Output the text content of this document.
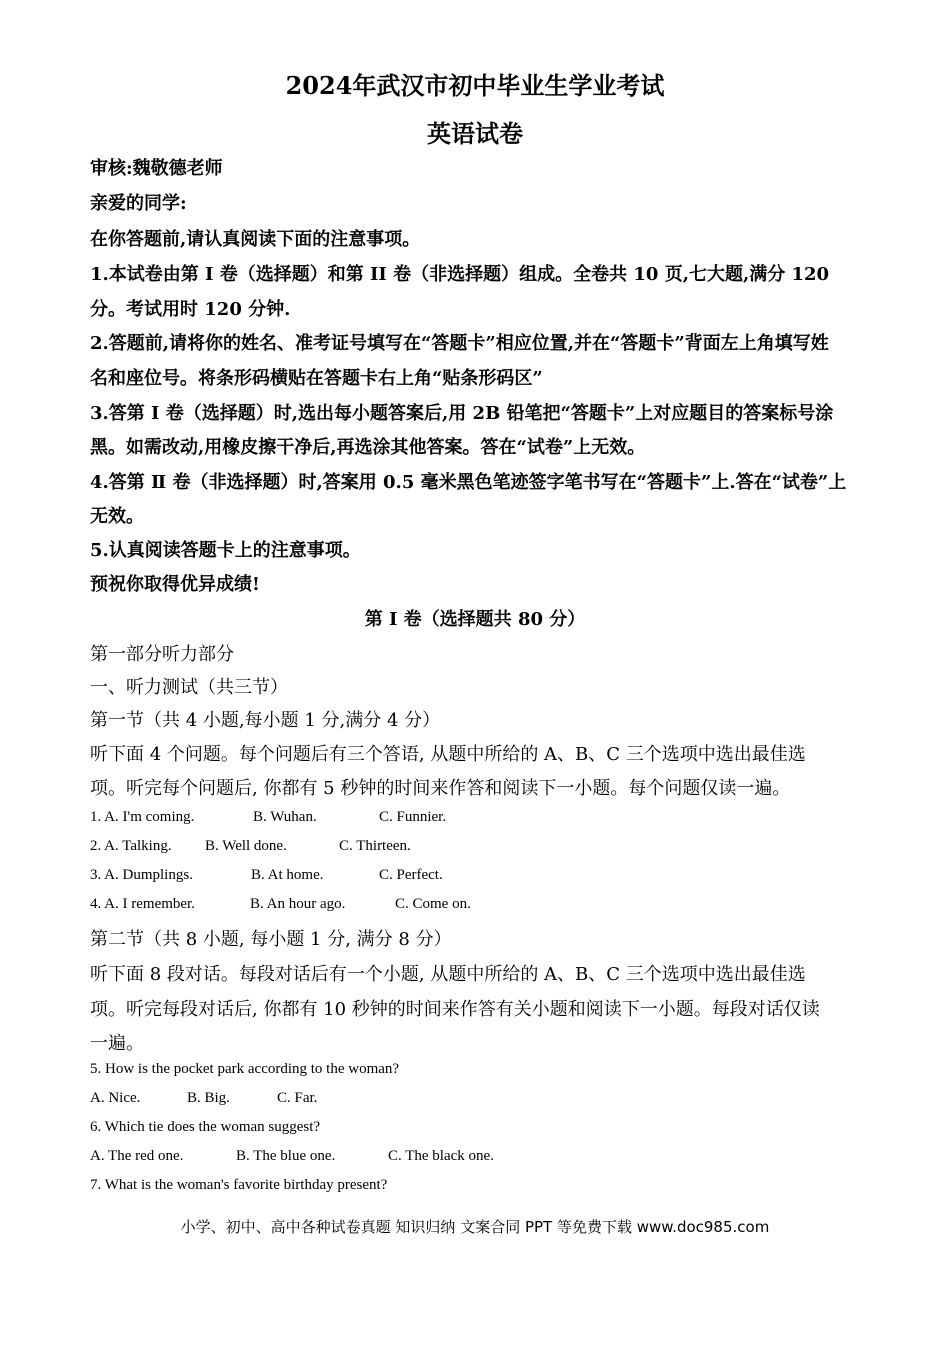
2024年武汉市初中毕业生学业考试
英语试卷
审核:魏敬德老师
亲爱的同学:
在你答题前,请认真阅读下面的注意事项。
1.本试卷由第 I 卷（选择题）和第 II 卷（非选择题）组成。全卷共 10 页,七大题,满分 120
分。考试用时 120 分钟.
2.答题前,请将你的姓名、准考证号填写在“答题卡”相应位置,并在“答题卡”背面左上角填写姓
名和座位号。将条形码横贴在答题卡右上角“贴条形码区”
3.答第 Ⅰ 卷（选择题）时,选出每小题答案后,用 2B 铅笔把“答题卡”上对应题目的答案标号涂
黑。如需改动,用橡皮擦干净后,再选涂其他答案。答在“试卷”上无效。
4.答第 Ⅱ 卷（非选择题）时,答案用 0.5 毫米黑色笔迹签字笔书写在“答题卡”上.答在“试卷”上
无效。
5.认真阅读答题卡上的注意事项。
预祝你取得优异成绩!
第 I 卷（选择题共 80 分）
第一部分听力部分
一、听力测试（共三节）
第一节（共 4 小题,每小题 1 分,满分 4 分）
听下面 4 个问题。每个问题后有三个答语, 从题中所给的 A、B、C 三个选项中选出最佳选
项。听完每个问题后, 你都有 5 秒钟的时间来作答和阅读下一小题。每个问题仅读一遍。
1. A. I'm coming.	B. Wuhan.	C. Funnier.
2. A. Talking. B. Well done.	C. Thirteen.
3. A. Dumplings.	B. At home.	C. Perfect.
4. A. I remember.	B. An hour ago.	C. Come on.
第二节（共 8 小题, 每小题 1 分, 满分 8 分）
听下面 8 段对话。每段对话后有一个小题, 从题中所给的 A、B、C 三个选项中选出最佳选
项。听完每段对话后, 你都有 10 秒钟的时间来作答有关小题和阅读下一小题。每段对话仅读
一遍。
5. How is the pocket park according to the woman?
A. Nice.	B. Big.	C. Far.
6. Which tie does the woman suggest?
A. The red one.	B. The blue one.	C. The black one.
7. What is the woman's favorite birthday present?
小学、初中、高中各种试卷真题 知识归纳 文案合同 PPT 等免费下载 www.doc985.com
